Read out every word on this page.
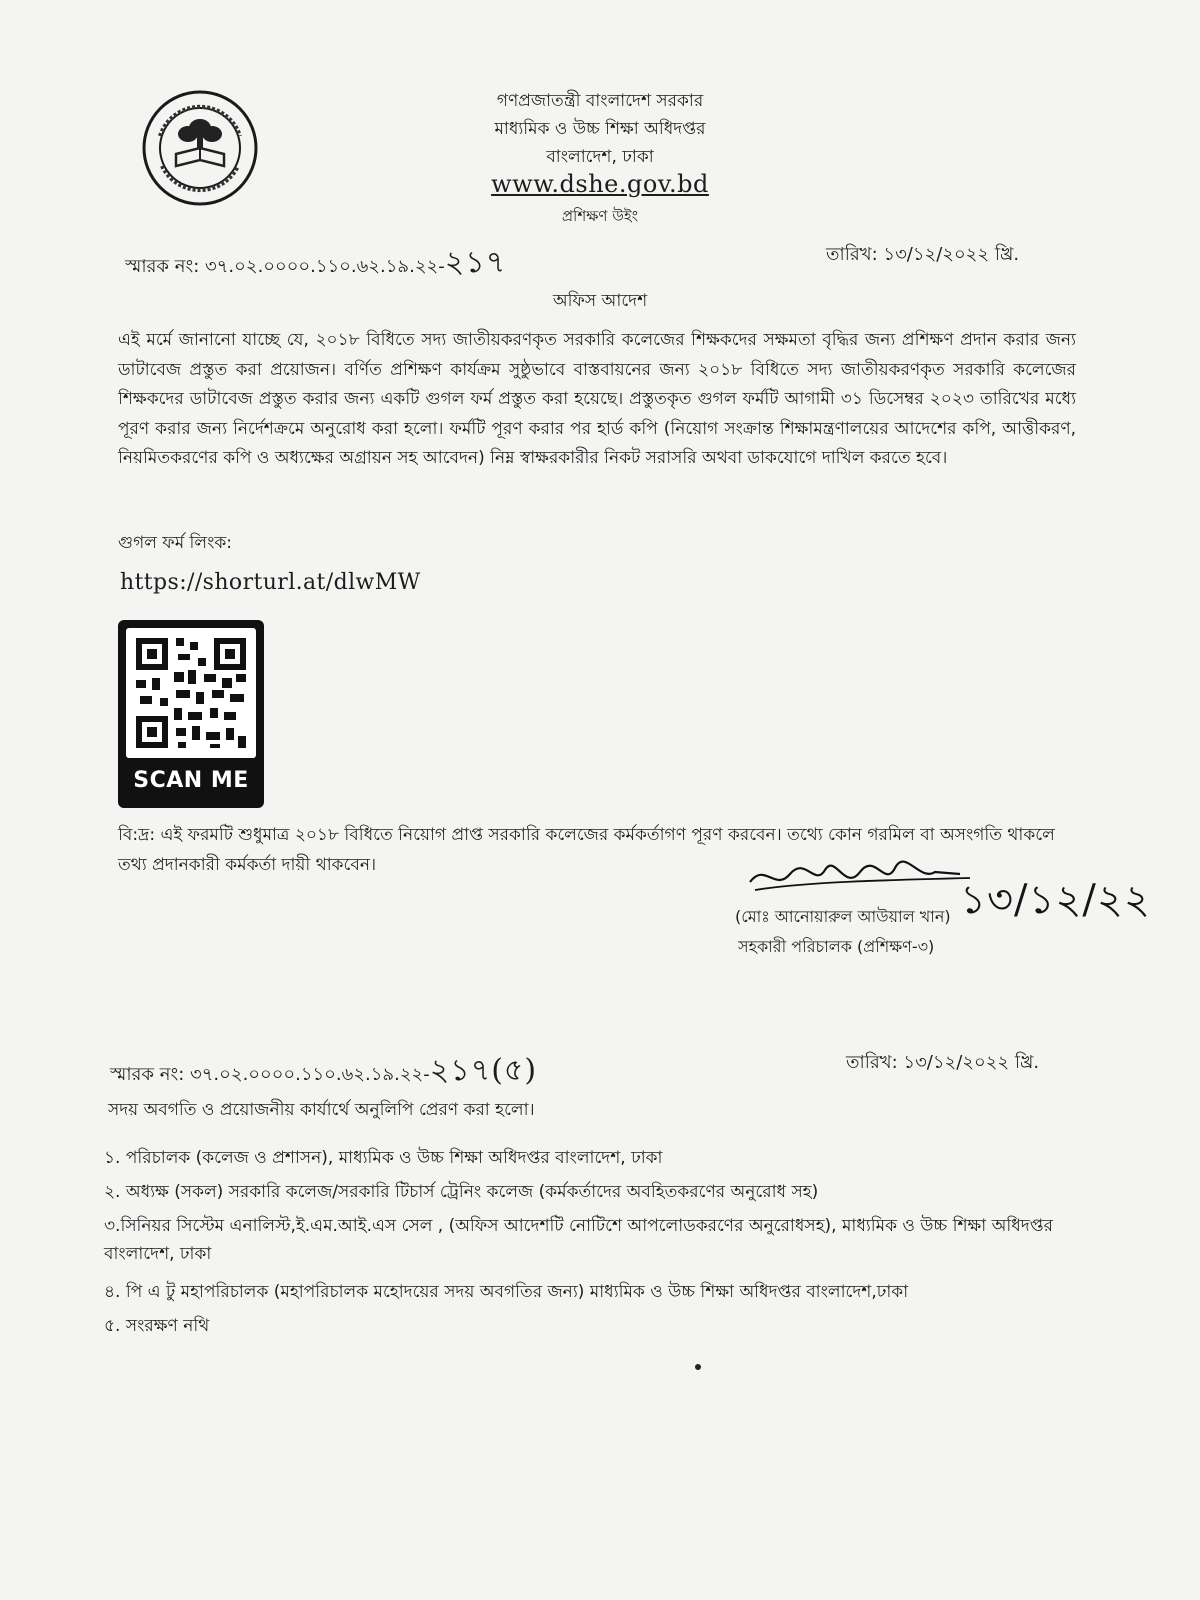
গণপ্রজাতন্ত্রী বাংলাদেশ সরকার
মাধ্যমিক ও উচ্চ শিক্ষা অধিদপ্তর
বাংলাদেশ, ঢাকা
www.dshe.gov.bd
প্রশিক্ষণ উইং
স্মারক নং: ৩৭.০২.০০০০.১১০.৬২.১৯.২২-২১৭	তারিখ: ১৩/১২/২০২২ খ্রি.
অফিস আদেশ
এই মর্মে জানানো যাচ্ছে যে, ২০১৮ বিধিতে সদ্য জাতীয়করণকৃত সরকারি কলেজের শিক্ষকদের সক্ষমতা বৃদ্ধির জন্য প্রশিক্ষণ প্রদান করার জন্য ডাটাবেজ প্রস্তুত করা প্রয়োজন। বর্ণিত প্রশিক্ষণ কার্যক্রম সুষ্ঠুভাবে বাস্তবায়নের জন্য ২০১৮ বিধিতে সদ্য জাতীয়করণকৃত সরকারি কলেজের শিক্ষকদের ডাটাবেজ প্রস্তুত করার জন্য একটি গুগল ফর্ম প্রস্তুত করা হয়েছে। প্রস্তুতকৃত গুগল ফর্মটি আগামী ৩১ ডিসেম্বর ২০২৩ তারিখের মধ্যে পূরণ করার জন্য নির্দেশক্রমে অনুরোধ করা হলো। ফর্মটি পূরণ করার পর হার্ড কপি (নিয়োগ সংক্রান্ত শিক্ষামন্ত্রণালয়ের আদেশের কপি, আত্তীকরণ, নিয়মিতকরণের কপি ও অধ্যক্ষের অগ্রায়ন সহ আবেদন) নিম্ন স্বাক্ষরকারীর নিকট সরাসরি অথবা ডাকযোগে দাখিল করতে হবে।
গুগল ফর্ম লিংক:
https://shorturl.at/dlwMW
SCAN ME
বি:দ্র: এই ফরমটি শুধুমাত্র ২০১৮ বিধিতে নিয়োগ প্রাপ্ত সরকারি কলেজের কর্মকর্তাগণ পূরণ করবেন। তথ্যে কোন গরমিল বা অসংগতি থাকলে তথ্য প্রদানকারী কর্মকর্তা দায়ী থাকবেন।
১৩/১২/২২
(মোঃ আনোয়ারুল আউয়াল খান)
সহকারী পরিচালক (প্রশিক্ষণ-৩)
স্মারক নং: ৩৭.০২.০০০০.১১০.৬২.১৯.২২-২১৭(৫)	তারিখ: ১৩/১২/২০২২ খ্রি.
সদয় অবগতি ও প্রয়োজনীয় কার্যার্থে অনুলিপি প্রেরণ করা হলো।
১. পরিচালক (কলেজ ও প্রশাসন), মাধ্যমিক ও উচ্চ শিক্ষা অধিদপ্তর বাংলাদেশ, ঢাকা
২. অধ্যক্ষ (সকল) সরকারি কলেজ/সরকারি টিচার্স ট্রেনিং কলেজ (কর্মকর্তাদের অবহিতকরণের অনুরোধ সহ)
৩.সিনিয়র সিস্টেম এনালিস্ট,ই.এম.আই.এস সেল , (অফিস আদেশটি নোটিশে আপলোডকরণের অনুরোধসহ), মাধ্যমিক ও উচ্চ শিক্ষা অধিদপ্তর বাংলাদেশ, ঢাকা
৪. পি এ টু মহাপরিচালক (মহাপরিচালক মহোদয়ের সদয় অবগতির জন্য) মাধ্যমিক ও উচ্চ শিক্ষা অধিদপ্তর বাংলাদেশ,ঢাকা
৫. সংরক্ষণ নথি
